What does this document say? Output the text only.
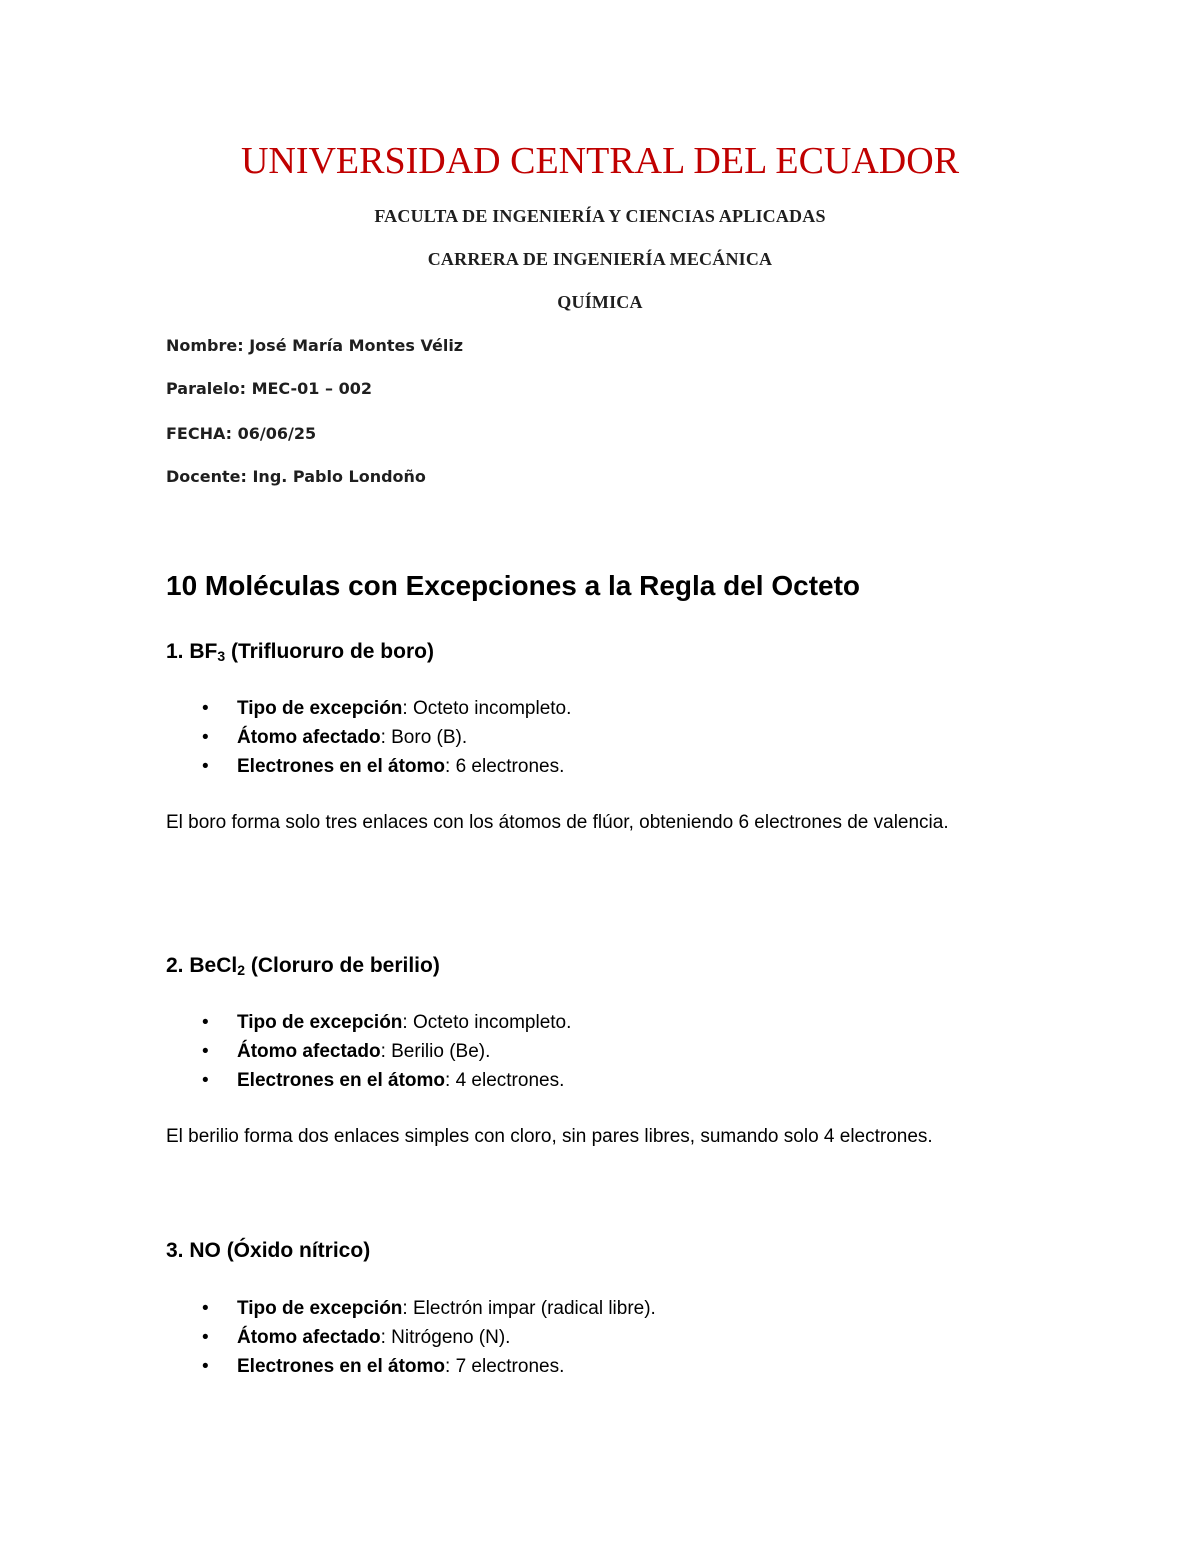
UNIVERSIDAD CENTRAL DEL ECUADOR
FACULTA DE INGENIERÍA Y CIENCIAS APLICADAS
CARRERA DE INGENIERÍA MECÁNICA
QUÍMICA
Nombre: José María Montes Véliz
Paralelo: MEC-01 – 002
FECHA: 06/06/25
Docente: Ing. Pablo Londoño
10 Moléculas con Excepciones a la Regla del Octeto
1. BF3 (Trifluoruro de boro)
• Tipo de excepción: Octeto incompleto.
• Átomo afectado: Boro (B).
• Electrones en el átomo: 6 electrones.

El boro forma solo tres enlaces con los átomos de flúor, obteniendo 6 electrones de valencia.

2. BeCl2 (Cloruro de berilio)
• Tipo de excepción: Octeto incompleto.
• Átomo afectado: Berilio (Be).
• Electrones en el átomo: 4 electrones.

El berilio forma dos enlaces simples con cloro, sin pares libres, sumando solo 4 electrones.

3. NO (Óxido nítrico)
• Tipo de excepción: Electrón impar (radical libre).
• Átomo afectado: Nitrógeno (N).
• Electrones en el átomo: 7 electrones.
